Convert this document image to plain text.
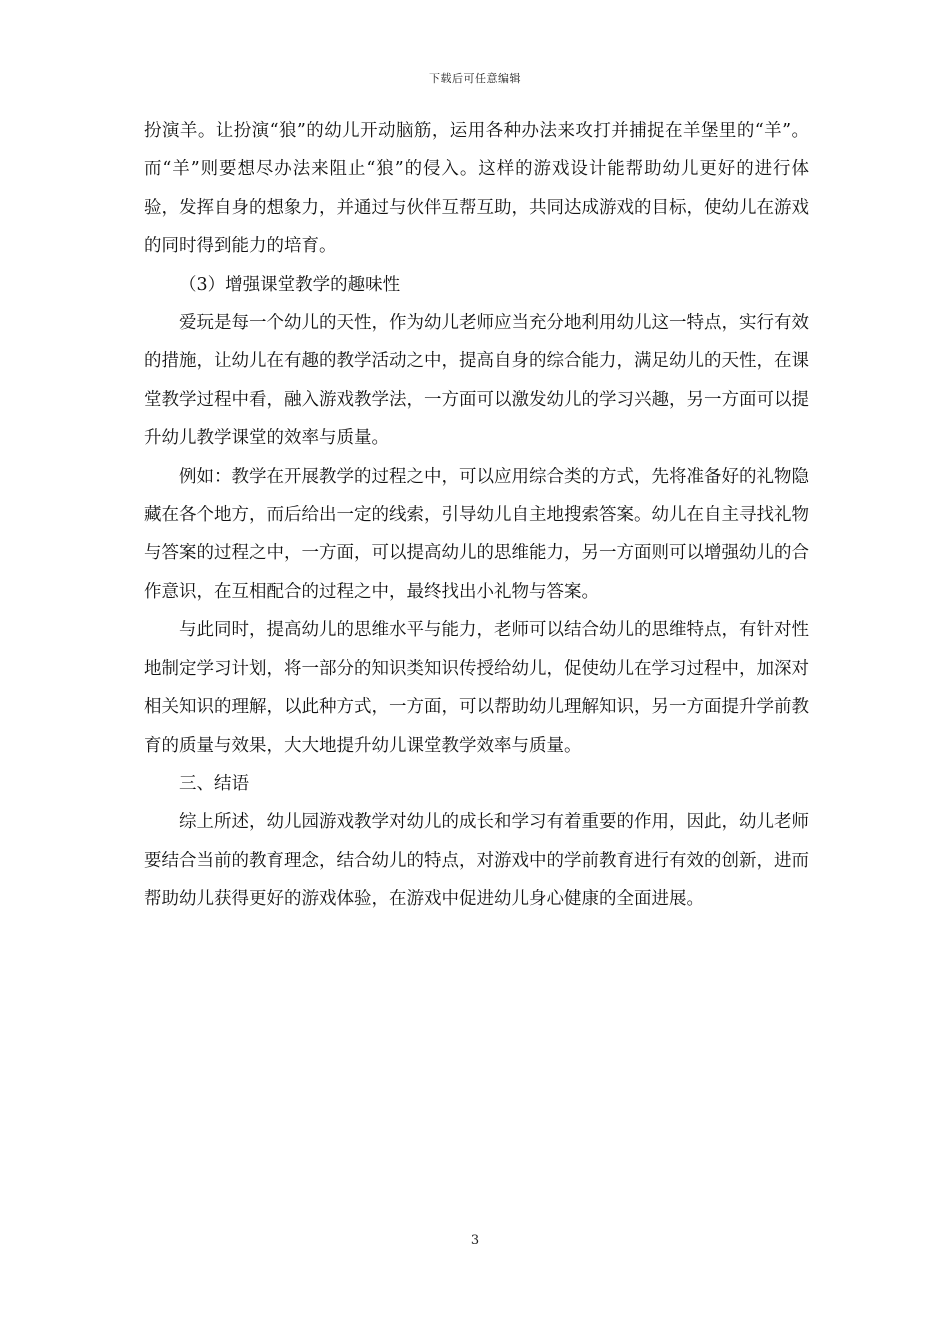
下载后可任意编辑

扮演羊。让扮演“狼”的幼儿开动脑筋，运用各种办法来攻打并捕捉在羊堡里的“羊”。而“羊”则要想尽办法来阻止“狼”的侵入。这样的游戏设计能帮助幼儿更好的进行体验，发挥自身的想象力，并通过与伙伴互帮互助，共同达成游戏的目标，使幼儿在游戏的同时得到能力的培育。

（3）增强课堂教学的趣味性

爱玩是每一个幼儿的天性，作为幼儿老师应当充分地利用幼儿这一特点，实行有效的措施，让幼儿在有趣的教学活动之中，提高自身的综合能力，满足幼儿的天性，在课堂教学过程中看，融入游戏教学法，一方面可以激发幼儿的学习兴趣，另一方面可以提升幼儿教学课堂的效率与质量。

例如：教学在开展教学的过程之中，可以应用综合类的方式，先将准备好的礼物隐藏在各个地方，而后给出一定的线索，引导幼儿自主地搜索答案。幼儿在自主寻找礼物与答案的过程之中，一方面，可以提高幼儿的思维能力，另一方面则可以增强幼儿的合作意识，在互相配合的过程之中，最终找出小礼物与答案。

与此同时，提高幼儿的思维水平与能力，老师可以结合幼儿的思维特点，有针对性地制定学习计划，将一部分的知识类知识传授给幼儿，促使幼儿在学习过程中，加深对相关知识的理解，以此种方式，一方面，可以帮助幼儿理解知识，另一方面提升学前教育的质量与效果，大大地提升幼儿课堂教学效率与质量。

三、结语

综上所述，幼儿园游戏教学对幼儿的成长和学习有着重要的作用，因此，幼儿老师要结合当前的教育理念，结合幼儿的特点，对游戏中的学前教育进行有效的创新，进而帮助幼儿获得更好的游戏体验，在游戏中促进幼儿身心健康的全面进展。

3
